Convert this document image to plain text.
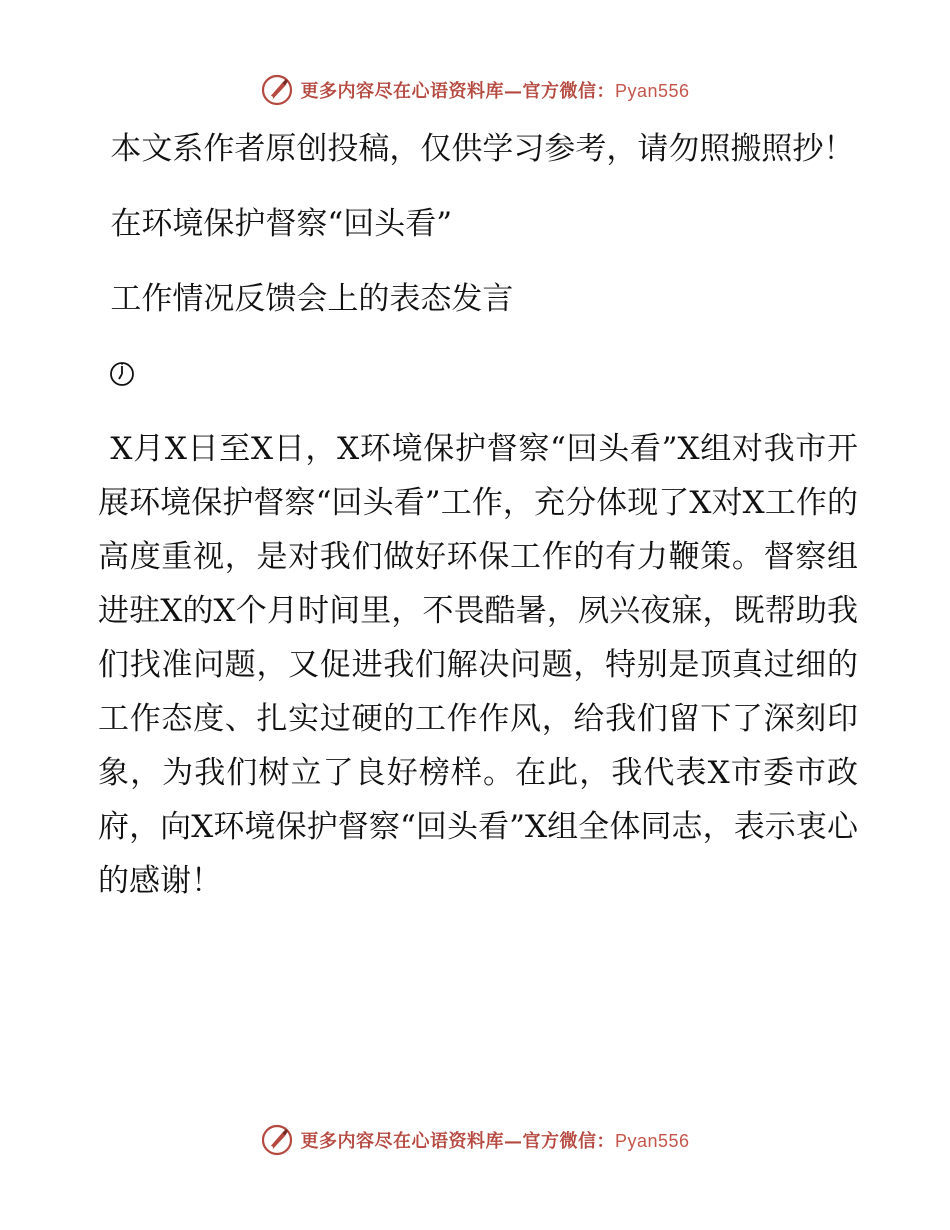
更多内容尽在心语资料库—官方微信：Pyan556

本文系作者原创投稿，仅供学习参考，请勿照搬照抄！

在环境保护督察“回头看”

工作情况反馈会上的表态发言

X月X日至X日，X环境保护督察“回头看”X组对我市开展环境保护督察“回头看”工作，充分体现了X对X工作的高度重视，是对我们做好环保工作的有力鞭策。督察组进驻X的X个月时间里，不畏酷暑，夙兴夜寐，既帮助我们找准问题，又促进我们解决问题，特别是顶真过细的工作态度、扎实过硬的工作作风，给我们留下了深刻印象，为我们树立了良好榜样。在此，我代表X市委市政府，向X环境保护督察“回头看”X组全体同志，表示衷心的感谢！

更多内容尽在心语资料库—官方微信：Pyan556
